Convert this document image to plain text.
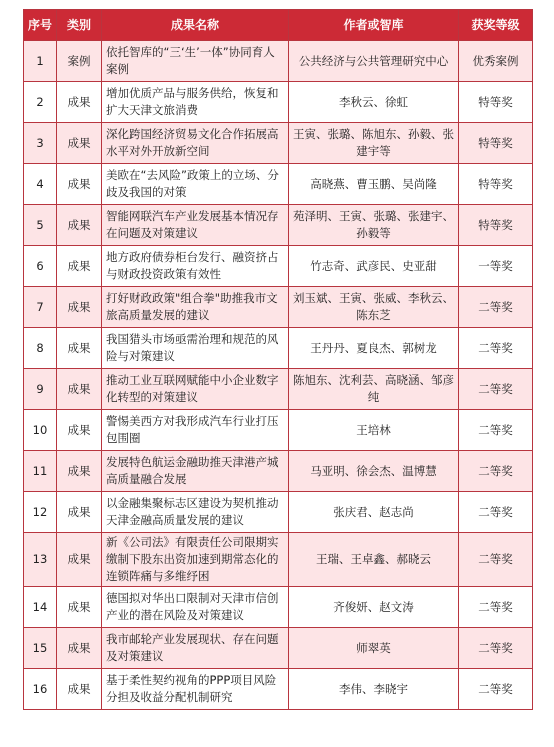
序号	类别	成果名称	作者或智库	获奖等级
1	案例	依托智库的“三‘生’一体”协同育人案例	公共经济与公共管理研究中心	优秀案例
2	成果	增加优质产品与服务供给，恢复和扩大天津文旅消费	李秋云、徐虹	特等奖
3	成果	深化跨国经济贸易文化合作拓展高水平对外开放新空间	王寅、张璐、陈旭东、孙毅、张建宇等	特等奖
4	成果	美欧在“去风险”政策上的立场、分歧及我国的对策	高晓燕、曹玉鹏、吴尚隆	特等奖
5	成果	智能网联汽车产业发展基本情况存在问题及对策建议	苑泽明、王寅、张璐、张建宇、孙毅等	特等奖
6	成果	地方政府债券柜台发行、融资挤占与财政投资政策有效性	竹志奇、武彦民、史亚甜	一等奖
7	成果	打好财政政策"组合拳"助推我市文旅高质量发展的建议	刘玉斌、王寅、张威、李秋云、陈东芝	二等奖
8	成果	我国猎头市场亟需治理和规范的风险与对策建议	王丹丹、夏良杰、郭树龙	二等奖
9	成果	推动工业互联网赋能中小企业数字化转型的对策建议	陈旭东、沈利芸、高晓涵、邹彦纯	二等奖
10	成果	警惕美西方对我形成汽车行业打压包围圈	王培林	二等奖
11	成果	发展特色航运金融助推天津港产城高质量融合发展	马亚明、徐会杰、温博慧	二等奖
12	成果	以金融集聚标志区建设为契机推动天津金融高质量发展的建议	张庆君、赵志尚	二等奖
13	成果	新《公司法》有限责任公司限期实缴制下股东出资加速到期常态化的连锁阵痛与多维纾困	王瑞、王卓鑫、郝晓云	二等奖
14	成果	德国拟对华出口限制对天津市信创产业的潜在风险及对策建议	齐俊妍、赵文涛	二等奖
15	成果	我市邮轮产业发展现状、存在问题及对策建议	师翠英	二等奖
16	成果	基于柔性契约视角的PPP项目风险分担及收益分配机制研究	李伟、李晓宇	二等奖
